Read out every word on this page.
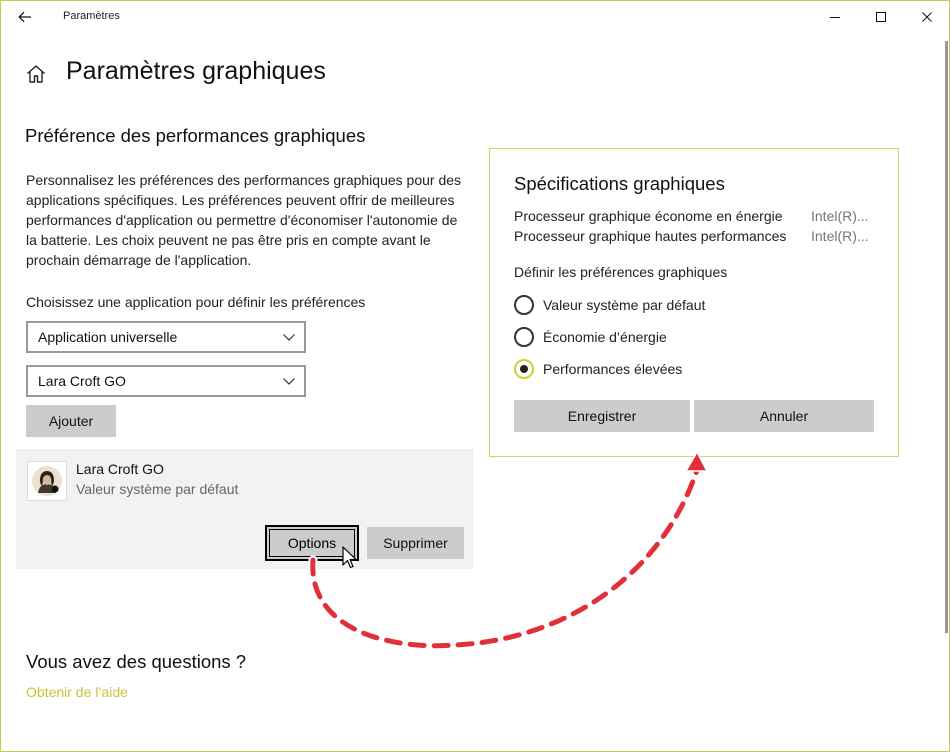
Paramètres
Paramètres graphiques
Préférence des performances graphiques
Personnalisez les préférences des performances graphiques pour des applications spécifiques. Les préférences peuvent offrir de meilleures performances d'application ou permettre d'économiser l'autonomie de la batterie. Les choix peuvent ne pas être pris en compte avant le prochain démarrage de l'application.
Choisissez une application pour définir les préférences
Application universelle
Lara Croft GO
Ajouter
Lara Croft GO
Valeur système par défaut
Options	Supprimer
Spécifications graphiques
Processeur graphique économe en énergie Intel(R)...
Processeur graphique hautes performances Intel(R)...
Définir les préférences graphiques
Valeur système par défaut
Économie d’énergie
Performances élevées
Enregistrer	Annuler
Vous avez des questions ?
Obtenir de l’aide
